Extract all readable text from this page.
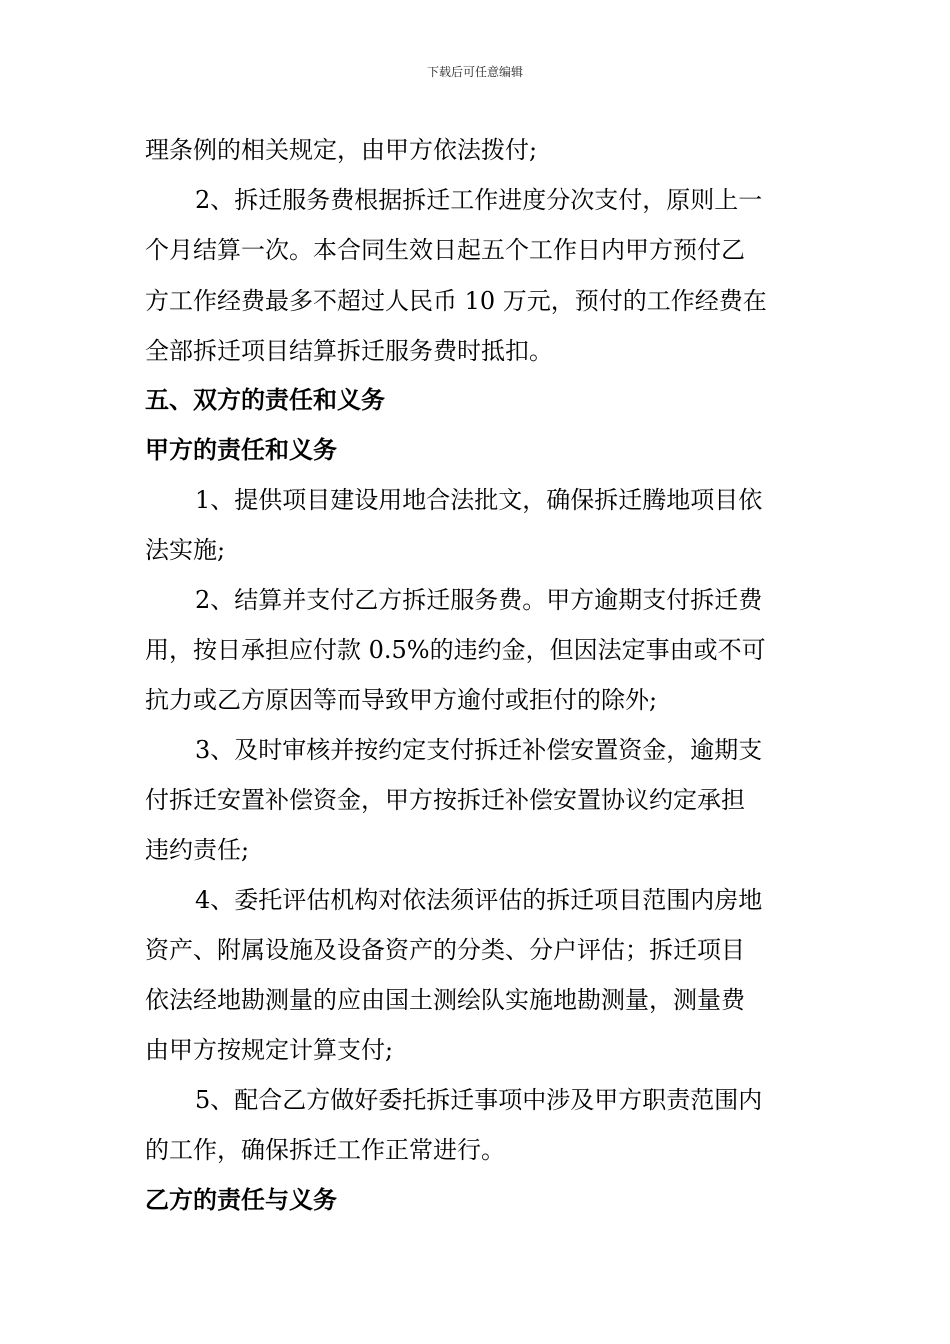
下载后可任意编辑
理条例的相关规定，由甲方依法拨付;
2、拆迁服务费根据拆迁工作进度分次支付，原则上一
个月结算一次。本合同生效日起五个工作日内甲方预付乙
方工作经费最多不超过人民币 10 万元，预付的工作经费在
全部拆迁项目结算拆迁服务费时抵扣。
五、双方的责任和义务
甲方的责任和义务
1、提供项目建设用地合法批文，确保拆迁腾地项目依
法实施;
2、结算并支付乙方拆迁服务费。甲方逾期支付拆迁费
用，按日承担应付款 0.5%的违约金，但因法定事由或不可
抗力或乙方原因等而导致甲方逾付或拒付的除外;
3、及时审核并按约定支付拆迁补偿安置资金，逾期支
付拆迁安置补偿资金，甲方按拆迁补偿安置协议约定承担
违约责任;
4、委托评估机构对依法须评估的拆迁项目范围内房地
资产、附属设施及设备资产的分类、分户评估；拆迁项目
依法经地勘测量的应由国土测绘队实施地勘测量，测量费
由甲方按规定计算支付;
5、配合乙方做好委托拆迁事项中涉及甲方职责范围内
的工作，确保拆迁工作正常进行。
乙方的责任与义务
